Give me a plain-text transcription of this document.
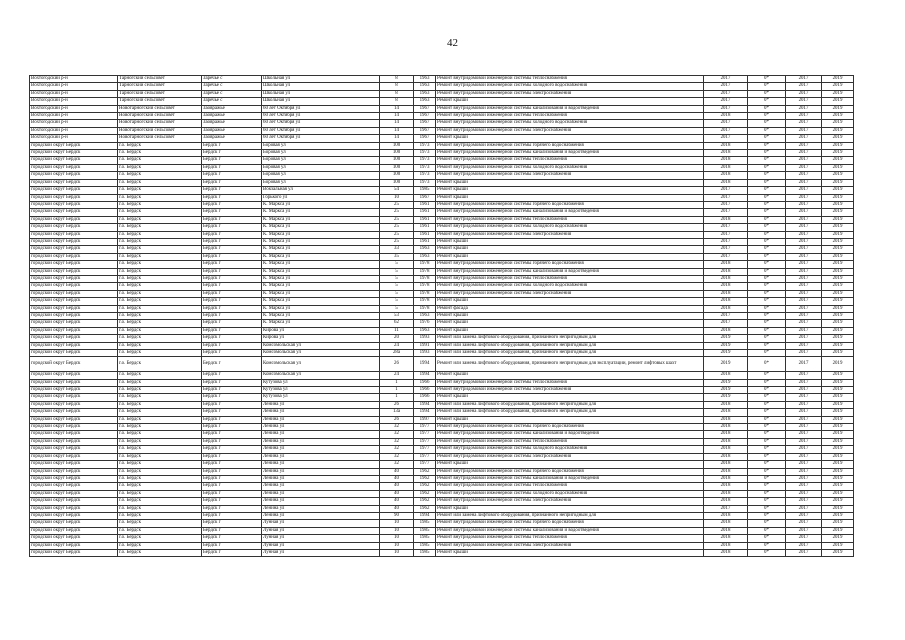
42
Вохтогодский р-н	Тарногский сельсовет	Заречье с	Школьная ул	8	1963	Ремонт внутридомовой инженерной системы теплоснабжения	2017	0*	2017	2019
Вохтогодский р-н	Тарногский сельсовет	Заречье с	Школьная ул	8	1963	Ремонт внутридомовой инженерной системы холодного водоснабжения	2017	0*	2017	2019
Вохтогодский р-н	Тарногский сельсовет	Заречье с	Школьная ул	8	1963	Ремонт внутридомовой инженерной системы электроснабжения	2017	0*	2017	2019
Вохтогодский р-н	Тарногский сельсовет	Заречье с	Школьная ул	8	1963	Ремонт крыши	2017	0*	2017	2019
Вохтогодский р-н	Новотарногский сельсовет	Заовражье	60 лет Октября ул	14	1967	Ремонт внутридомовой инженерной системы канализования и водоотведения	2017	0*	2017	2019
Вохтогодский р-н	Новотарногский сельсовет	Заовражье	60 лет Октября ул	14	1967	Ремонт внутридомовой инженерной системы теплоснабжения	2018	0*	2017	2019
Вохтогодский р-н	Новотарногский сельсовет	Заовражье	60 лет Октября ул	14	1967	Ремонт внутридомовой инженерной системы холодного водоснабжения	2017	0*	2017	2019
Вохтогодский р-н	Новотарногский сельсовет	Заовражье	60 лет Октября ул	14	1967	Ремонт внутридомовой инженерной системы электроснабжения	2017	0*	2017	2019
Вохтогодский р-н	Новотарногский сельсовет	Заовражье	60 лет Октября ул	14	1967	Ремонт крыши	2017	0*	2017	2019
городской округ Бердск	г.о. Бердск	Бердск г	Боровая ул	100	1973	Ремонт внутридомовой инженерной системы горячего водоснабжения	2018	0*	2017	2019
городской округ Бердск	г.о. Бердск	Бердск г	Боровая ул	100	1973	Ремонт внутридомовой инженерной системы канализования и водоотведения	2018	0*	2017	2019
городской округ Бердск	г.о. Бердск	Бердск г	Боровая ул	100	1973	Ремонт внутридомовой инженерной системы теплоснабжения	2018	0*	2017	2019
городской округ Бердск	г.о. Бердск	Бердск г	Боровая ул	100	1973	Ремонт внутридомовой инженерной системы холодного водоснабжения	2018	0*	2017	2019
городской округ Бердск	г.о. Бердск	Бердск г	Боровая ул	100	1973	Ремонт внутридомовой инженерной системы электроснабжения	2018	0*	2017	2019
городской округ Бердск	г.о. Бердск	Бердск г	Боровая ул	100	1973	Ремонт крыши	2018	0*	2017	2019
городской округ Бердск	г.о. Бердск	Бердск г	Вокзальная ул	54	1985	Ремонт крыши	2017	0*	2017	2019
городской округ Бердск	г.о. Бердск	Бердск г	Горького ул	10	1967	Ремонт крыши	2017	0*	2017	2019
городской округ Бердск	г.о. Бердск	Бердск г	К. Маркса ул	25	1961	Ремонт внутридомовой инженерной системы горячего водоснабжения	2017	0*	2017	2019
городской округ Бердск	г.о. Бердск	Бердск г	К. Маркса ул	25	1961	Ремонт внутридомовой инженерной системы канализования и водоотведения	2017	0*	2017	2019
городской округ Бердск	г.о. Бердск	Бердск г	К. Маркса ул	25	1961	Ремонт внутридомовой инженерной системы теплоснабжения	2018	0*	2017	2019
городской округ Бердск	г.о. Бердск	Бердск г	К. Маркса ул	25	1961	Ремонт внутридомовой инженерной системы холодного водоснабжения	2017	0*	2017	2019
городской округ Бердск	г.о. Бердск	Бердск г	К. Маркса ул	25	1961	Ремонт внутридомовой инженерной системы электроснабжения	2017	0*	2017	2019
городской округ Бердск	г.о. Бердск	Бердск г	К. Маркса ул	25	1961	Ремонт крыши	2017	0*	2017	2019
городской округ Бердск	г.о. Бердск	Бердск г	К. Маркса ул	33	1963	Ремонт крыши	2017	0*	2017	2019
городской округ Бердск	г.о. Бердск	Бердск г	К. Маркса ул	35	1963	Ремонт крыши	2017	0*	2017	2019
городской округ Бердск	г.о. Бердск	Бердск г	К. Маркса ул	5	1978	Ремонт внутридомовой инженерной системы горячего водоснабжения	2018	0*	2017	2019
городской округ Бердск	г.о. Бердск	Бердск г	К. Маркса ул	5	1978	Ремонт внутридомовой инженерной системы канализования и водоотведения	2018	0*	2017	2019
городской округ Бердск	г.о. Бердск	Бердск г	К. Маркса ул	5	1978	Ремонт внутридомовой инженерной системы теплоснабжения	2018	0*	2017	2019
городской округ Бердск	г.о. Бердск	Бердск г	К. Маркса ул	5	1978	Ремонт внутридомовой инженерной системы холодного водоснабжения	2018	0*	2017	2019
городской округ Бердск	г.о. Бердск	Бердск г	К. Маркса ул	5	1978	Ремонт внутридомовой инженерной системы электроснабжения	2018	0*	2017	2019
городской округ Бердск	г.о. Бердск	Бердск г	К. Маркса ул	5	1978	Ремонт крыши	2018	0*	2017	2019
городской округ Бердск	г.о. Бердск	Бердск г	К. Маркса ул	5	1978	Ремонт фасада	2018	0*	2017	2019
городской округ Бердск	г.о. Бердск	Бердск г	К. Маркса ул	53	1963	Ремонт крыши	2017	0*	2017	2019
городской округ Бердск	г.о. Бердск	Бердск г	К. Маркса ул	62	1976	Ремонт крыши	2017	0*	2017	2019
городской округ Бердск	г.о. Бердск	Бердск г	Кирова ул	11	1963	Ремонт крыши	2018	0*	2017	2019
городской округ Бердск	г.о. Бердск	Бердск г	Кирова ул	20	1993	Ремонт или замена лифтового оборудования, признанного непригодным для	2019	0*	2017	2019
городской округ Бердск	г.о. Бердск	Бердск г	Комсомольская ул	24	1991	Ремонт или замена лифтового оборудования, признанного непригодным для	2019	0*	2017	2019
городской округ Бердск	г.о. Бердск	Бердск г	Комсомольская ул	28a	1993	Ремонт или замена лифтового оборудования, признанного непригодным для	2019	0*	2017	2019
городской округ Бердск	г.о. Бердск	Бердск г	Комсомольская ул	26	1994	Ремонт или замена лифтового оборудования, признанного непригодным для эксплуатации, ремонт лифтовых шахт	2019	0*	2017	2019
городской округ Бердск	г.о. Бердск	Бердск г	Комсомольская ул	24	1994	Ремонт крыши	2018	0*	2017	2019
городской округ Бердск	г.о. Бердск	Бердск г	Кутузова ул	1	1966	Ремонт внутридомовой инженерной системы теплоснабжения	2019	0*	2017	2019
городской округ Бердск	г.о. Бердск	Бердск г	Кутузова ул	1	1966	Ремонт внутридомовой инженерной системы электроснабжения	2019	0*	2017	2019
городской округ Бердск	г.о. Бердск	Бердск г	Кутузова ул	1	1966	Ремонт крыши	2019	0*	2017	2019
городской округ Бердск	г.о. Бердск	Бердск г	Ленина ул	26	1994	Ремонт или замена лифтового оборудования, признанного непригодным для	2018	0*	2017	2019
городской округ Бердск	г.о. Бердск	Бердск г	Ленина ул	13a	1994	Ремонт или замена лифтового оборудования, признанного непригодным для	2018	0*	2017	2019
городской округ Бердск	г.о. Бердск	Бердск г	Ленина ул	26	1997	Ремонт крыши	2018	0*	2017	2019
городской округ Бердск	г.о. Бердск	Бердск г	Ленина ул	32	1977	Ремонт внутридомовой инженерной системы горячего водоснабжения	2018	0*	2017	2019
городской округ Бердск	г.о. Бердск	Бердск г	Ленина ул	32	1977	Ремонт внутридомовой инженерной системы канализования и водоотведения	2018	0*	2017	2019
городской округ Бердск	г.о. Бердск	Бердск г	Ленина ул	32	1977	Ремонт внутридомовой инженерной системы теплоснабжения	2018	0*	2017	2019
городской округ Бердск	г.о. Бердск	Бердск г	Ленина ул	32	1977	Ремонт внутридомовой инженерной системы холодного водоснабжения	2018	0*	2017	2019
городской округ Бердск	г.о. Бердск	Бердск г	Ленина ул	32	1977	Ремонт внутридомовой инженерной системы электроснабжения	2018	0*	2017	2019
городской округ Бердск	г.о. Бердск	Бердск г	Ленина ул	32	1977	Ремонт крыши	2018	0*	2017	2019
городской округ Бердск	г.о. Бердск	Бердск г	Ленина ул	40	1962	Ремонт внутридомовой инженерной системы горячего водоснабжения	2018	0*	2017	2019
городской округ Бердск	г.о. Бердск	Бердск г	Ленина ул	40	1962	Ремонт внутридомовой инженерной системы канализования и водоотведения	2018	0*	2017	2019
городской округ Бердск	г.о. Бердск	Бердск г	Ленина ул	40	1962	Ремонт внутридомовой инженерной системы теплоснабжения	2018	0*	2017	2019
городской округ Бердск	г.о. Бердск	Бердск г	Ленина ул	40	1962	Ремонт внутридомовой инженерной системы холодного водоснабжения	2018	0*	2017	2019
городской округ Бердск	г.о. Бердск	Бердск г	Ленина ул	40	1962	Ремонт внутридомовой инженерной системы электроснабжения	2018	0*	2017	2019
городской округ Бердск	г.о. Бердск	Бердск г	Ленина ул	40	1962	Ремонт крыши	2017	0*	2017	2019
городской округ Бердск	г.о. Бердск	Бердск г	Ленина ул	90	1994	Ремонт или замена лифтового оборудования, признанного непригодным для	2018	0*	2017	2019
городской округ Бердск	г.о. Бердск	Бердск г	Лунная ул	10	1985	Ремонт внутридомовой инженерной системы горячего водоснабжения	2018	0*	2017	2019
городской округ Бердск	г.о. Бердск	Бердск г	Лунная ул	10	1985	Ремонт внутридомовой инженерной системы канализования и водоотведения	2018	0*	2017	2019
городской округ Бердск	г.о. Бердск	Бердск г	Лунная ул	10	1985	Ремонт внутридомовой инженерной системы теплоснабжения	2018	0*	2017	2019
городской округ Бердск	г.о. Бердск	Бердск г	Лунная ул	10	1985	Ремонт внутридомовой инженерной системы электроснабжения	2018	0*	2017	2019
городской округ Бердск	г.о. Бердск	Бердск г	Лунная ул	10	1985	Ремонт крыши	2018	0*	2017	2019
